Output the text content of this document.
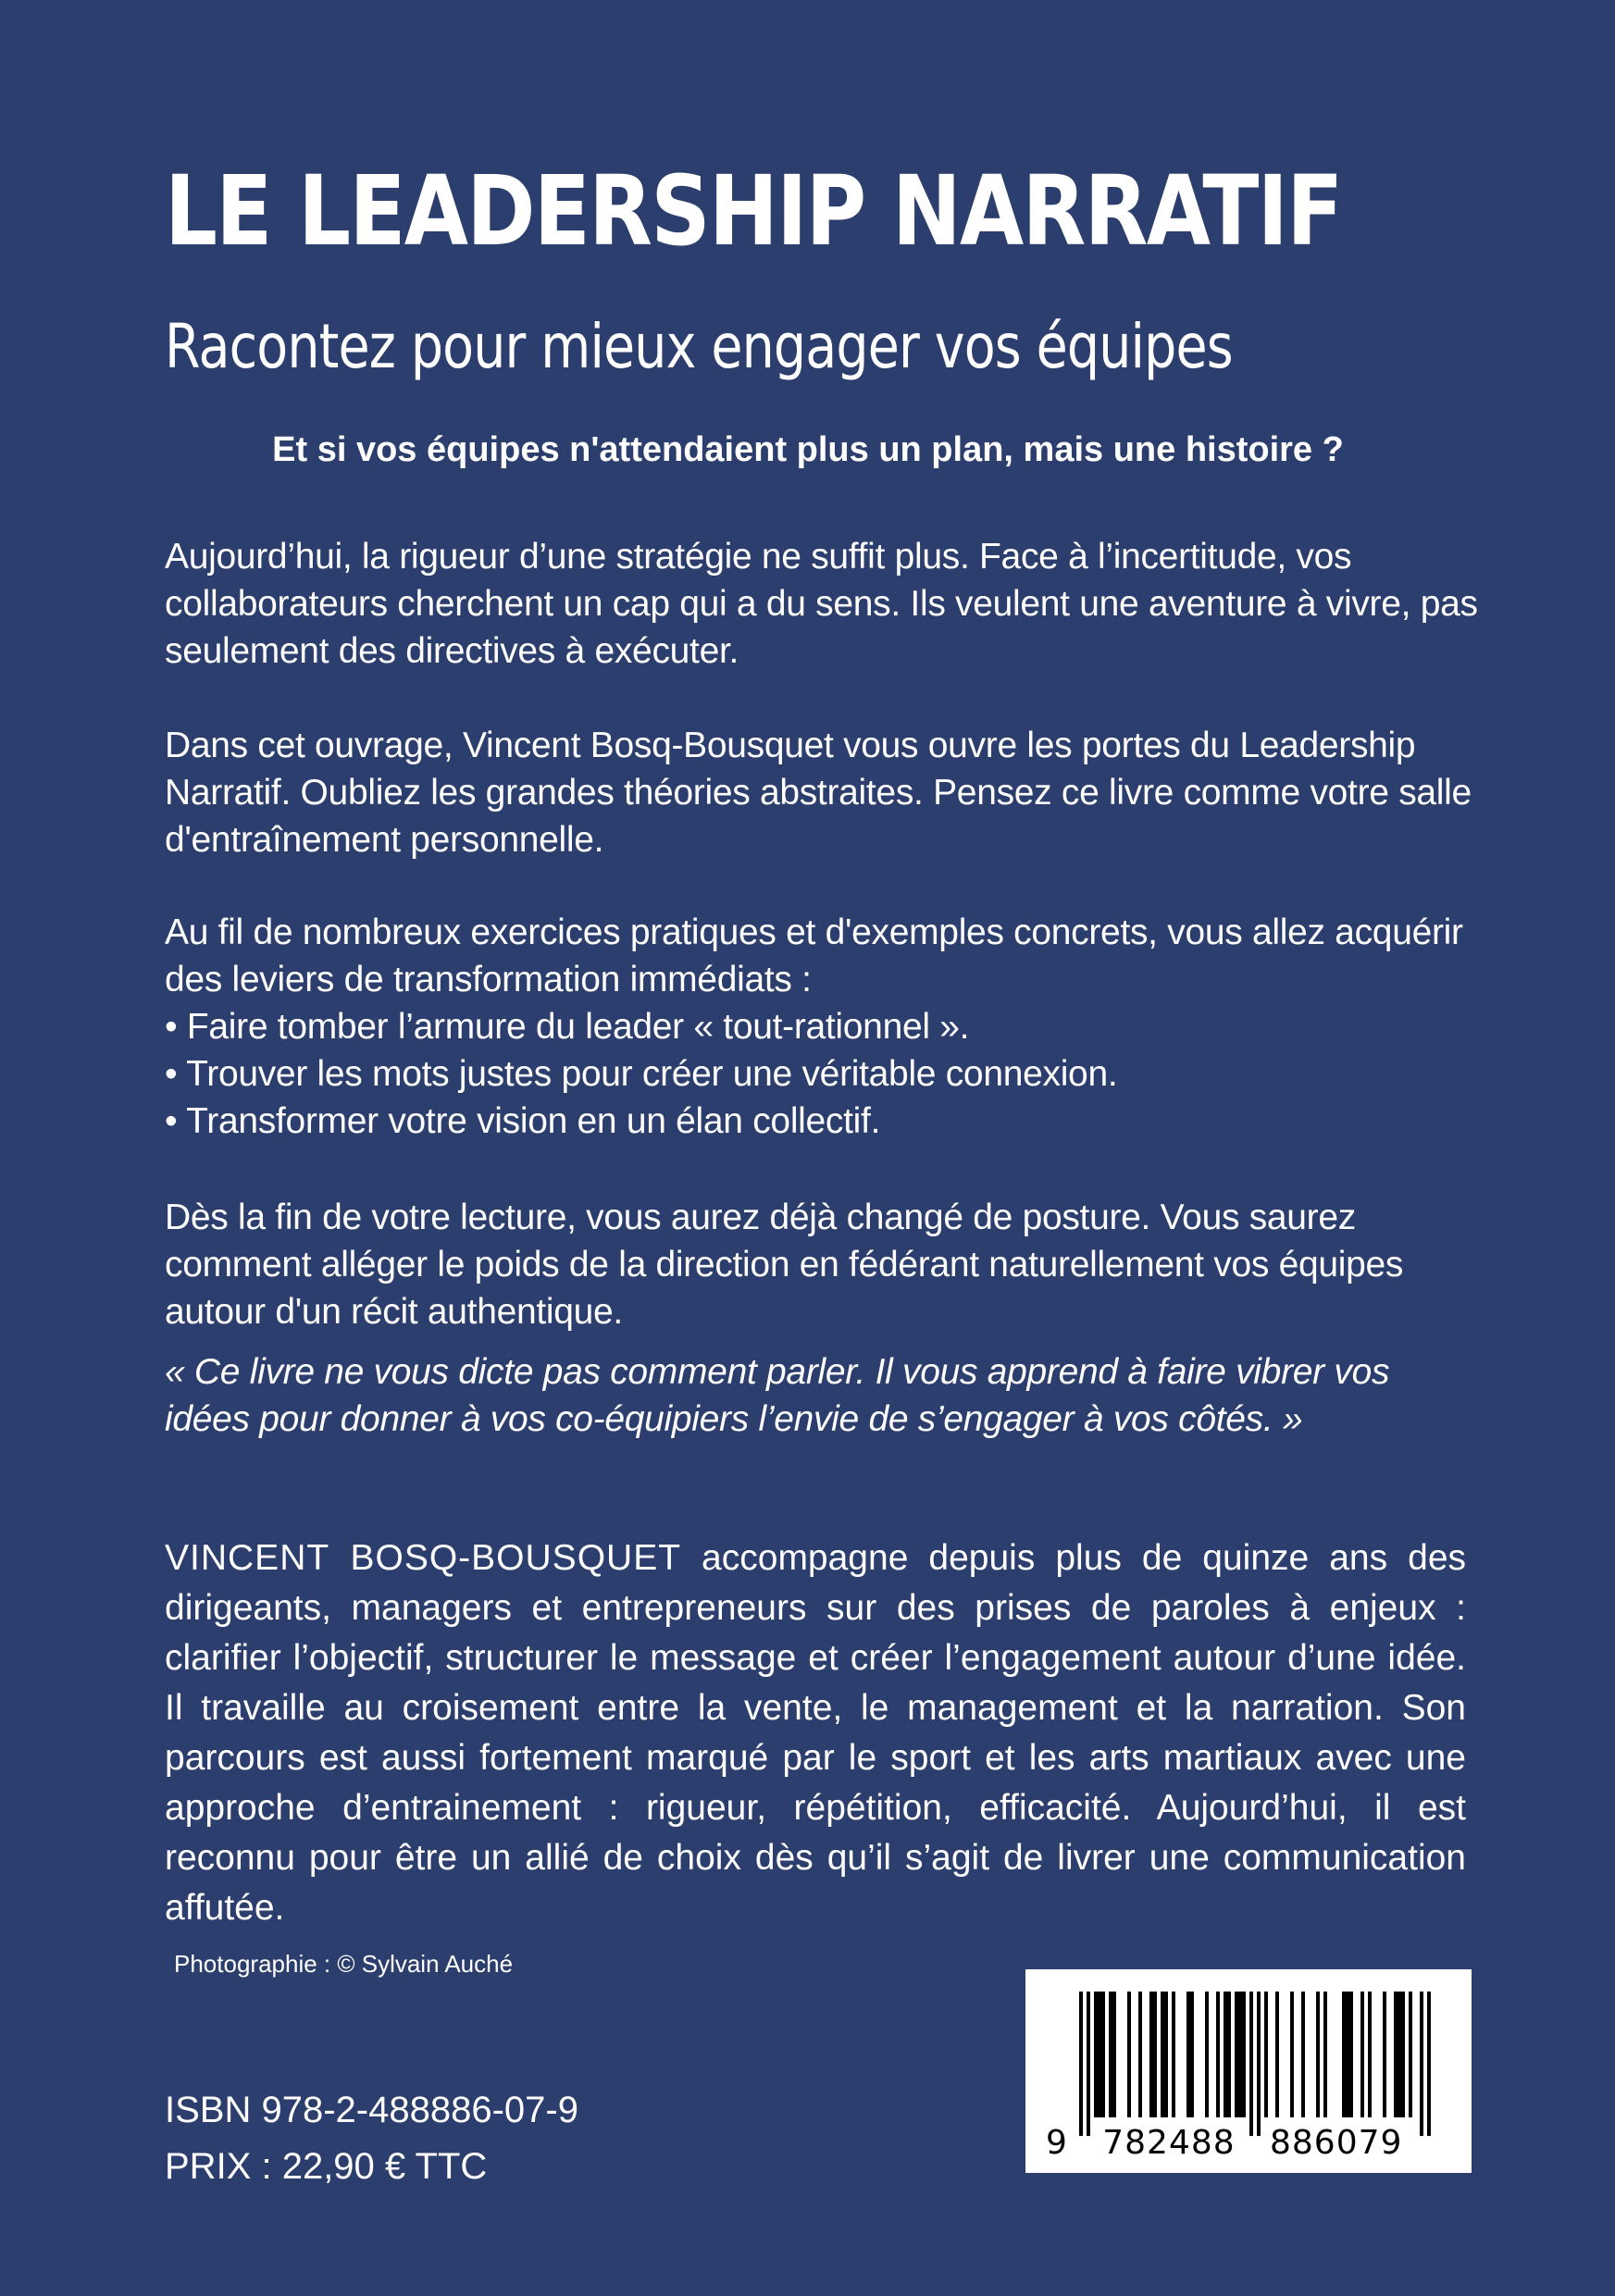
LE LEADERSHIP NARRATIF
Racontez pour mieux engager vos équipes

Et si vos équipes n'attendaient plus un plan, mais une histoire ?

Aujourd’hui, la rigueur d’une stratégie ne suffit plus. Face à l’incertitude, vos collaborateurs cherchent un cap qui a du sens. Ils veulent une aventure à vivre, pas seulement des directives à exécuter.

Dans cet ouvrage, Vincent Bosq-Bousquet vous ouvre les portes du Leadership Narratif. Oubliez les grandes théories abstraites. Pensez ce livre comme votre salle d'entraînement personnelle.

Au fil de nombreux exercices pratiques et d'exemples concrets, vous allez acquérir des leviers de transformation immédiats :

• Faire tomber l’armure du leader « tout-rationnel ».

• Trouver les mots justes pour créer une véritable connexion.

• Transformer votre vision en un élan collectif.

Dès la fin de votre lecture, vous aurez déjà changé de posture. Vous saurez comment alléger le poids de la direction en fédérant naturellement vos équipes autour d'un récit authentique.

« Ce livre ne vous dicte pas comment parler. Il vous apprend à faire vibrer vos idées pour donner à vos co-équipiers l’envie de s’engager à vos côtés. »

VINCENT BOSQ-BOUSQUET accompagne depuis plus de quinze ans des dirigeants, managers et entrepreneurs sur des prises de paroles à enjeux : clarifier l’objectif, structurer le message et créer l’engagement autour d’une idée. Il travaille au croisement entre la vente, le management et la narration. Son parcours est aussi fortement marqué par le sport et les arts martiaux avec une approche d’entrainement : rigueur, répétition, efficacité. Aujourd’hui, il est reconnu pour être un allié de choix dès qu’il s’agit de livrer une communication affutée.

Photographie : © Sylvain Auché

ISBN 978-2-488886-07-9

PRIX : 22,90 € TTC

9   782488   886079
